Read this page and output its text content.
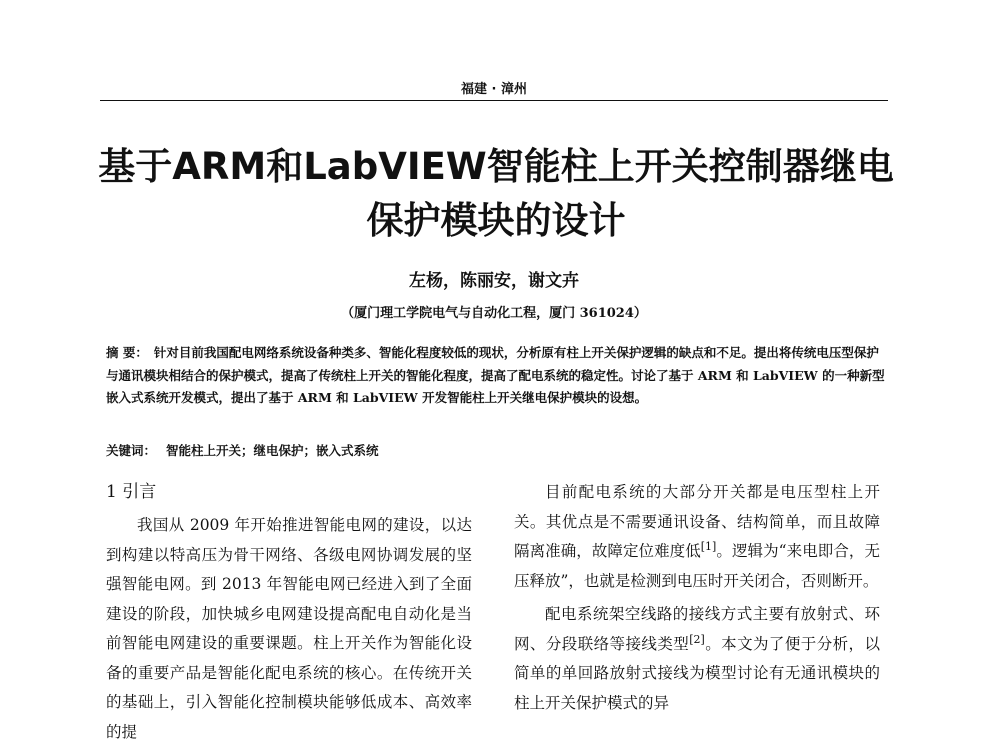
福建 · 漳州
基于ARM和LabVIEW智能柱上开关控制器继电保护模块的设计
左杨，陈丽安，谢文卉
（厦门理工学院电气与自动化工程，厦门 361024）
摘 要： 针对目前我国配电网络系统设备种类多、智能化程度较低的现状，分析原有柱上开关保护逻辑的缺点和不足。提出将传统电压型保护与通讯模块相结合的保护模式，提高了传统柱上开关的智能化程度，提高了配电系统的稳定性。讨论了基于 ARM 和 LabVIEW 的一种新型嵌入式系统开发模式，提出了基于 ARM 和 LabVIEW 开发智能柱上开关继电保护模块的设想。
关键词： 智能柱上开关；继电保护；嵌入式系统
1 引言

我国从 2009 年开始推进智能电网的建设，以达到构建以特高压为骨干网络、各级电网协调发展的坚强智能电网。到 2013 年智能电网已经进入到了全面建设的阶段，加快城乡电网建设提高配电自动化是当前智能电网建设的重要课题。柱上开关作为智能化设备的重要产品是智能化配电系统的核心。在传统开关的基础上，引入智能化控制模块能够低成本、高效率的提

目前配电系统的大部分开关都是电压型柱上开关。其优点是不需要通讯设备、结构简单，而且故障隔离准确，故障定位难度低[1]。逻辑为“来电即合，无压释放”，也就是检测到电压时开关闭合，否则断开。

配电系统架空线路的接线方式主要有放射式、环网、分段联络等接线类型[2]。本文为了便于分析，以简单的单回路放射式接线为模型讨论有无通讯模块的柱上开关保护模式的异
